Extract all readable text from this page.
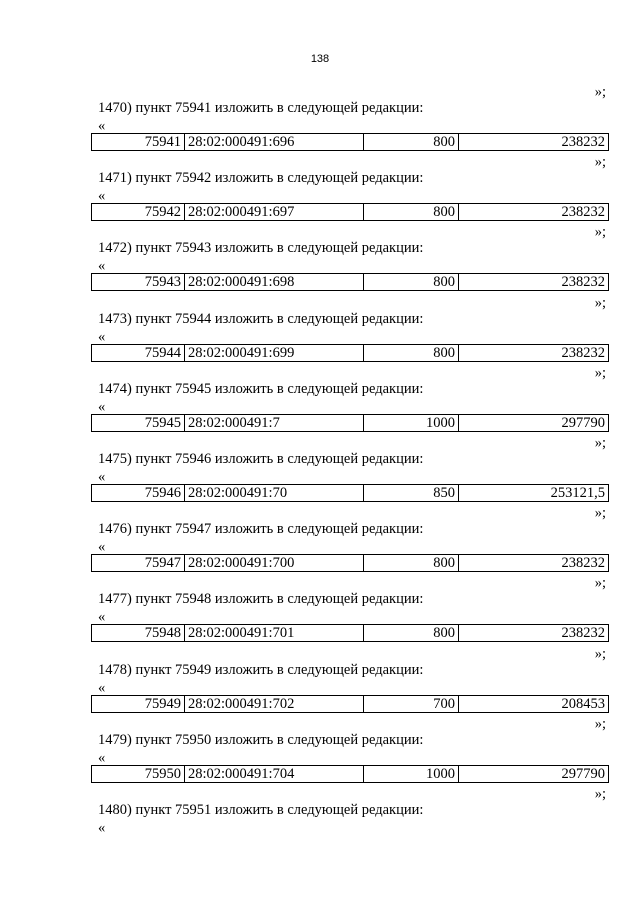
138
»;
1470) пункт 75941 изложить в следующей редакции:
«
75941	28:02:000491:696	800	238232
»;
1471) пункт 75942 изложить в следующей редакции:
«
75942	28:02:000491:697	800	238232
»;
1472) пункт 75943 изложить в следующей редакции:
«
75943	28:02:000491:698	800	238232
»;
1473) пункт 75944 изложить в следующей редакции:
«
75944	28:02:000491:699	800	238232
»;
1474) пункт 75945 изложить в следующей редакции:
«
75945	28:02:000491:7	1000	297790
»;
1475) пункт 75946 изложить в следующей редакции:
«
75946	28:02:000491:70	850	253121,5
»;
1476) пункт 75947 изложить в следующей редакции:
«
75947	28:02:000491:700	800	238232
»;
1477) пункт 75948 изложить в следующей редакции:
«
75948	28:02:000491:701	800	238232
»;
1478) пункт 75949 изложить в следующей редакции:
«
75949	28:02:000491:702	700	208453
»;
1479) пункт 75950 изложить в следующей редакции:
«
75950	28:02:000491:704	1000	297790
»;
1480) пункт 75951 изложить в следующей редакции:
«
